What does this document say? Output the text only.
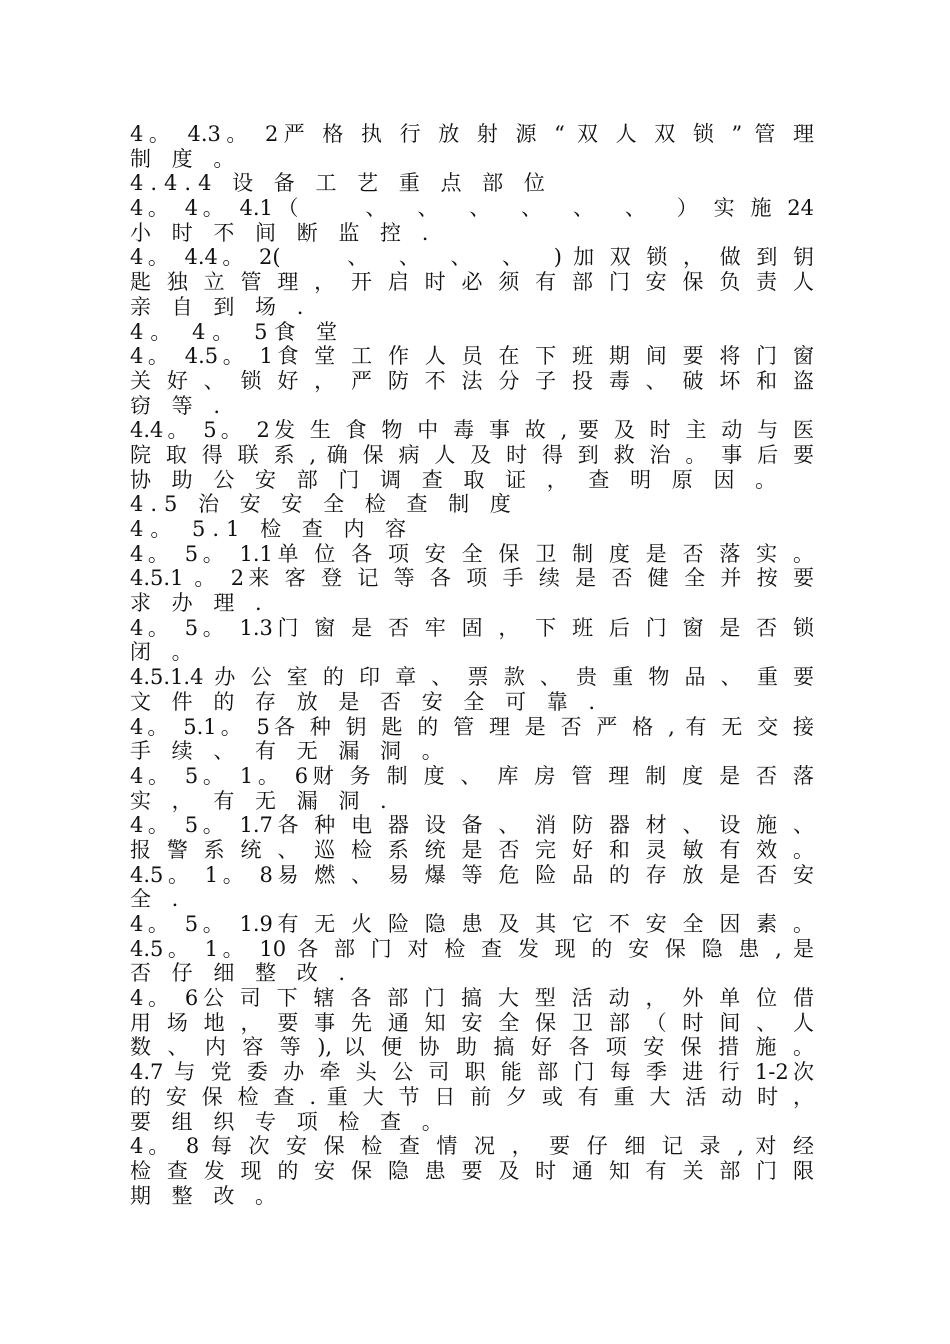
4。 4.3。 2严 格 执 行 放 射 源 “ 双 人 双 锁 ” 管 理
制 度 。
4.4.4 设 备 工 艺 重 点 部 位
4。 4。 4.1（　　 、　 、　 、　 、　 、　 、　 ） 实 施 24
小 时 不 间 断 监 控 .
4。 4.4。 2(　　 、　 、　 、　 、　 ) 加 双 锁 ， 做 到 钥
匙 独 立 管 理 ， 开 启 时 必 须 有 部 门 安 保 负 责 人
亲 自 到 场 .
4。 4。 5食 堂
4。 4.5。 1食 堂 工 作 人 员 在 下 班 期 间 要 将 门 窗
关 好 、 锁 好 ， 严 防 不 法 分 子 投 毒 、 破 坏 和 盗
窃 等 .
4.4。 5。 2发 生 食 物 中 毒 事 故 , 要 及 时 主 动 与 医
院 取 得 联 系 , 确 保 病 人 及 时 得 到 救 治 。 事 后 要
协 助 公 安 部 门 调 查 取 证 ， 查 明 原 因 。
4.5 治 安 安 全 检 查 制 度
4。 5.1 检 查 内 容
4。 5。 1.1单 位 各 项 安 全 保 卫 制 度 是 否 落 实 。
4.5.1 。 2来 客 登 记 等 各 项 手 续 是 否 健 全 并 按 要
求 办 理 .
4。 5。 1.3门 窗 是 否 牢 固 ， 下 班 后 门 窗 是 否 锁
闭 。
4.5.1.4 办 公 室 的 印 章 、 票 款 、 贵 重 物 品 、 重 要
文 件 的 存 放 是 否 安 全 可 靠 .
4。 5.1。 5各 种 钥 匙 的 管 理 是 否 严 格 , 有 无 交 接
手 续 、 有 无 漏 洞 。
4。 5。 1。 6财 务 制 度 、 库 房 管 理 制 度 是 否 落
实 ， 有 无 漏 洞 .
4。 5。 1.7各 种 电 器 设 备 、 消 防 器 材 、 设 施 、
报 警 系 统 、 巡 检 系 统 是 否 完 好 和 灵 敏 有 效 。
4.5。 1。 8易 燃 、 易 爆 等 危 险 品 的 存 放 是 否 安
全 .
4。 5。 1.9有 无 火 险 隐 患 及 其 它 不 安 全 因 素 。
4.5。 1。 10 各 部 门 对 检 查 发 现 的 安 保 隐 患 , 是
否 仔 细 整 改 .
4。 6公 司 下 辖 各 部 门 搞 大 型 活 动 ， 外 单 位 借
用 场 地 ， 要 事 先 通 知 安 全 保 卫 部 （ 时 间 、 人
数 、 内 容 等 ), 以 便 协 助 搞 好 各 项 安 保 措 施 。
4.7 与 党 委 办 牵 头 公 司 职 能 部 门 每 季 进 行 1-2次
的 安 保 检 查 . 重 大 节 日 前 夕 或 有 重 大 活 动 时 ，
要 组 织 专 项 检 查 。
4。 8 每 次 安 保 检 查 情 况 ， 要 仔 细 记 录 , 对 经
检 查 发 现 的 安 保 隐 患 要 及 时 通 知 有 关 部 门 限
期 整 改 。
